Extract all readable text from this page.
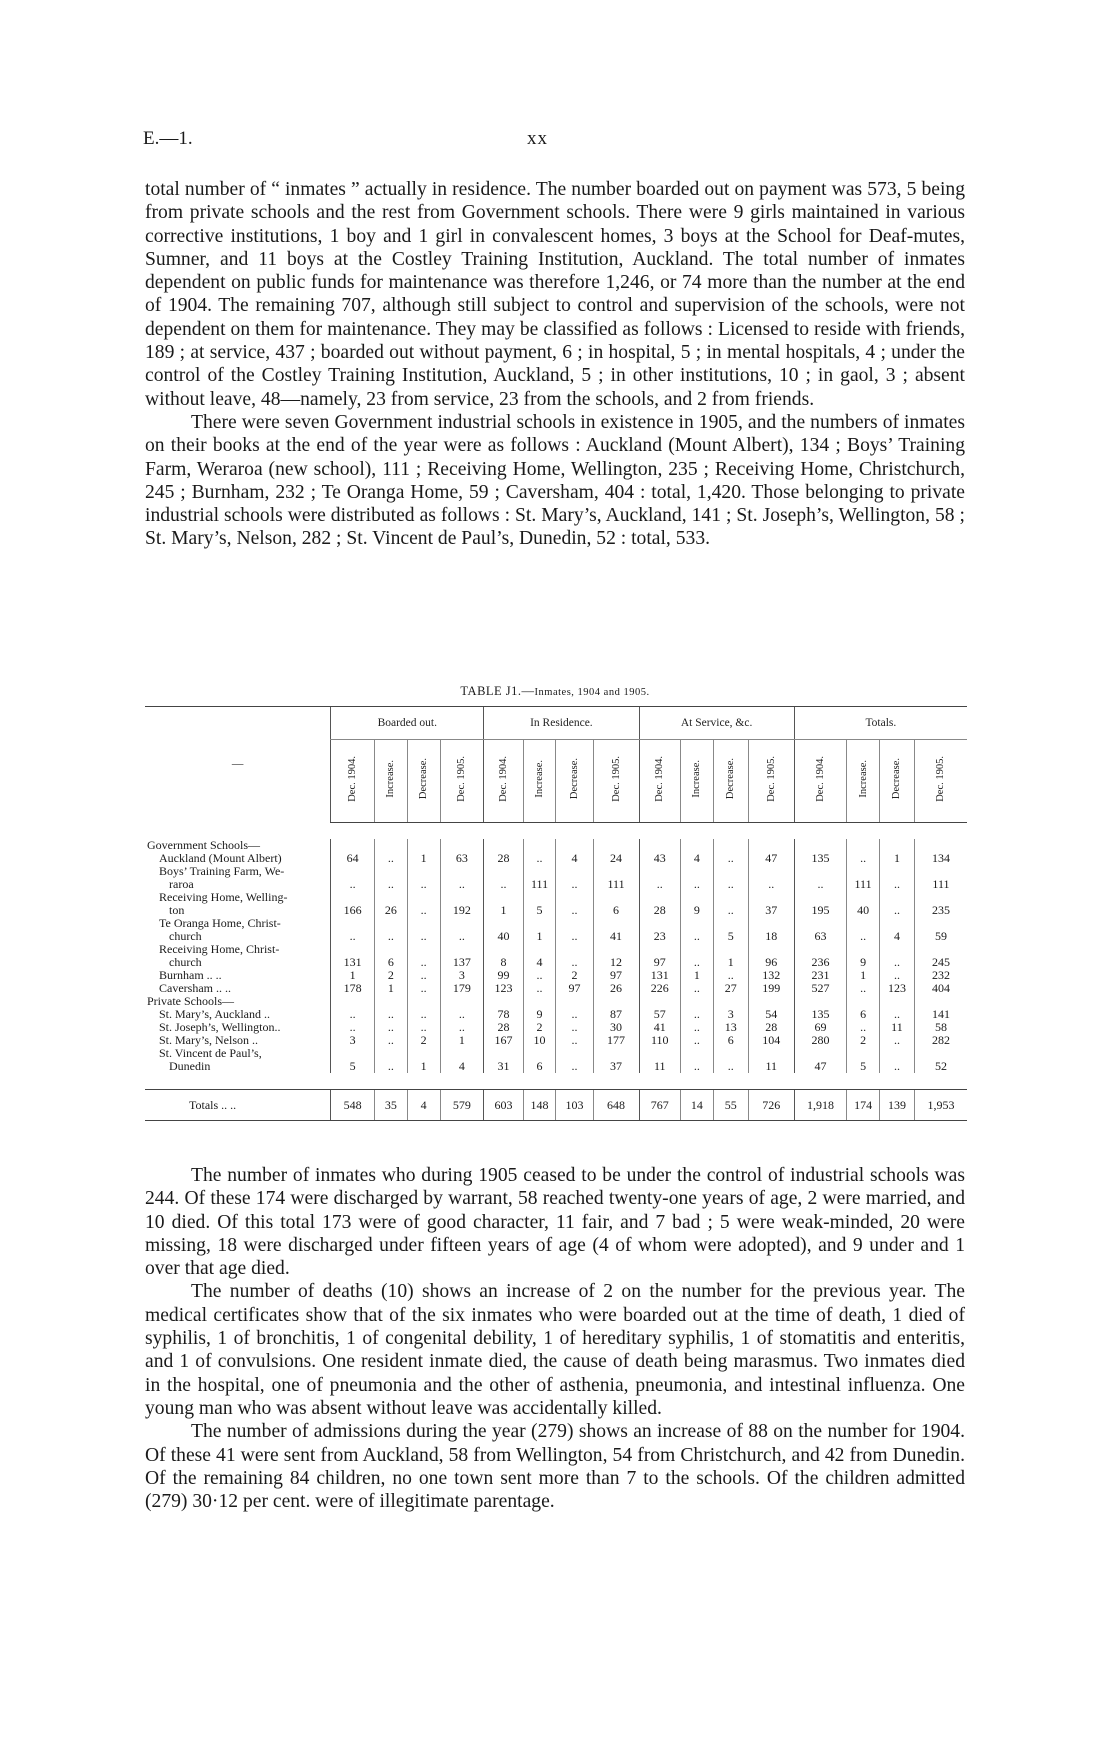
E.—1.	xx

total number of “ inmates ” actually in residence. The number boarded out on payment was 573, 5 being from private schools and the rest from Government schools. There were 9 girls maintained in various corrective institutions, 1 boy and 1 girl in convalescent homes, 3 boys at the School for Deaf-mutes, Sumner, and 11 boys at the Costley Training Institution, Auckland. The total number of inmates dependent on public funds for maintenance was therefore 1,246, or 74 more than the number at the end of 1904. The remaining 707, although still subject to control and supervision of the schools, were not dependent on them for maintenance. They may be classified as follows : Licensed to reside with friends, 189 ; at service, 437 ; boarded out without payment, 6 ; in hospital, 5 ; in mental hospitals, 4 ; under the control of the Costley Training Institution, Auckland, 5 ; in other institutions, 10 ; in gaol, 3 ; absent without leave, 48—namely, 23 from service, 23 from the schools, and 2 from friends.

There were seven Government industrial schools in existence in 1905, and the numbers of inmates on their books at the end of the year were as follows : Auckland (Mount Albert), 134 ; Boys’ Training Farm, Weraroa (new school), 111 ; Receiving Home, Wellington, 235 ; Receiving Home, Christchurch, 245 ; Burnham, 232 ; Te Oranga Home, 59 ; Caversham, 404 : total, 1,420. Those belonging to private industrial schools were distributed as follows : St. Mary’s, Auckland, 141 ; St. Joseph’s, Wellington, 58 ; St. Mary’s, Nelson, 282 ; St. Vincent de Paul’s, Dunedin, 52 : total, 533.

TABLE J1.—Inmates, 1904 and 1905.
—	Boarded out.				In Residence.				At Service, &c.				Totals.			
	Dec. 1904.	Increase.	Decrease.	Dec. 1905.	Dec. 1904.	Increase.	Decrease.	Dec. 1905.	Dec. 1904.	Increase.	Decrease.	Dec. 1905.	Dec. 1904.	Increase.	Decrease.	Dec. 1905.

Government Schools—																

Auckland (Mount Albert)	64	..	1	63	28	..	4	24	43	4	..	47	135	..	1	134

Boys’ Training Farm, We-
raroa	..	..	..	..	..	111	..	111	..	..	..	..	..	111	..	111

Receiving Home, Welling-
ton	166	26	..	192	1	5	..	6	28	9	..	37	195	40	..	235

Te Oranga Home, Christ-
church	..	..	..	..	40	1	..	41	23	..	5	18	63	..	4	59

Receiving Home, Christ-
church	131	6	..	137	8	4	..	12	97	..	1	96	236	9	..	245

Burnham .. ..	1	2	..	3	99	..	2	97	131	1	..	132	231	1	..	232

Caversham .. ..	178	1	..	179	123	..	97	26	226	..	27	199	527	..	123	404

Private Schools—																

St. Mary’s, Auckland ..	..	..	..	..	78	9	..	87	57	..	3	54	135	6	..	141

St. Joseph’s, Wellington..	..	..	..	..	28	2	..	30	41	..	13	28	69	..	11	58

St. Mary’s, Nelson ..	3	..	2	1	167	10	..	177	110	..	6	104	280	2	..	282

St. Vincent de Paul’s,
Dunedin	5	..	1	4	31	6	..	37	11	..	..	11	47	5	..	52

Totals .. ..	548	35	4	579	603	148	103	648	767	14	55	726	1,918	174	139	1,953

The number of inmates who during 1905 ceased to be under the control of industrial schools was 244. Of these 174 were discharged by warrant, 58 reached twenty-one years of age, 2 were married, and 10 died. Of this total 173 were of good character, 11 fair, and 7 bad ; 5 were weak-minded, 20 were missing, 18 were discharged under fifteen years of age (4 of whom were adopted), and 9 under and 1 over that age died.

The number of deaths (10) shows an increase of 2 on the number for the previous year. The medical certificates show that of the six inmates who were boarded out at the time of death, 1 died of syphilis, 1 of bronchitis, 1 of congenital debility, 1 of hereditary syphilis, 1 of stomatitis and enteritis, and 1 of convulsions. One resident inmate died, the cause of death being marasmus. Two inmates died in the hospital, one of pneumonia and the other of asthenia, pneumonia, and intestinal influenza. One young man who was absent without leave was accidentally killed.

The number of admissions during the year (279) shows an increase of 88 on the number for 1904. Of these 41 were sent from Auckland, 58 from Wellington, 54 from Christchurch, and 42 from Dunedin. Of the remaining 84 children, no one town sent more than 7 to the schools. Of the children admitted (279) 30·12 per cent. were of illegitimate parentage.
